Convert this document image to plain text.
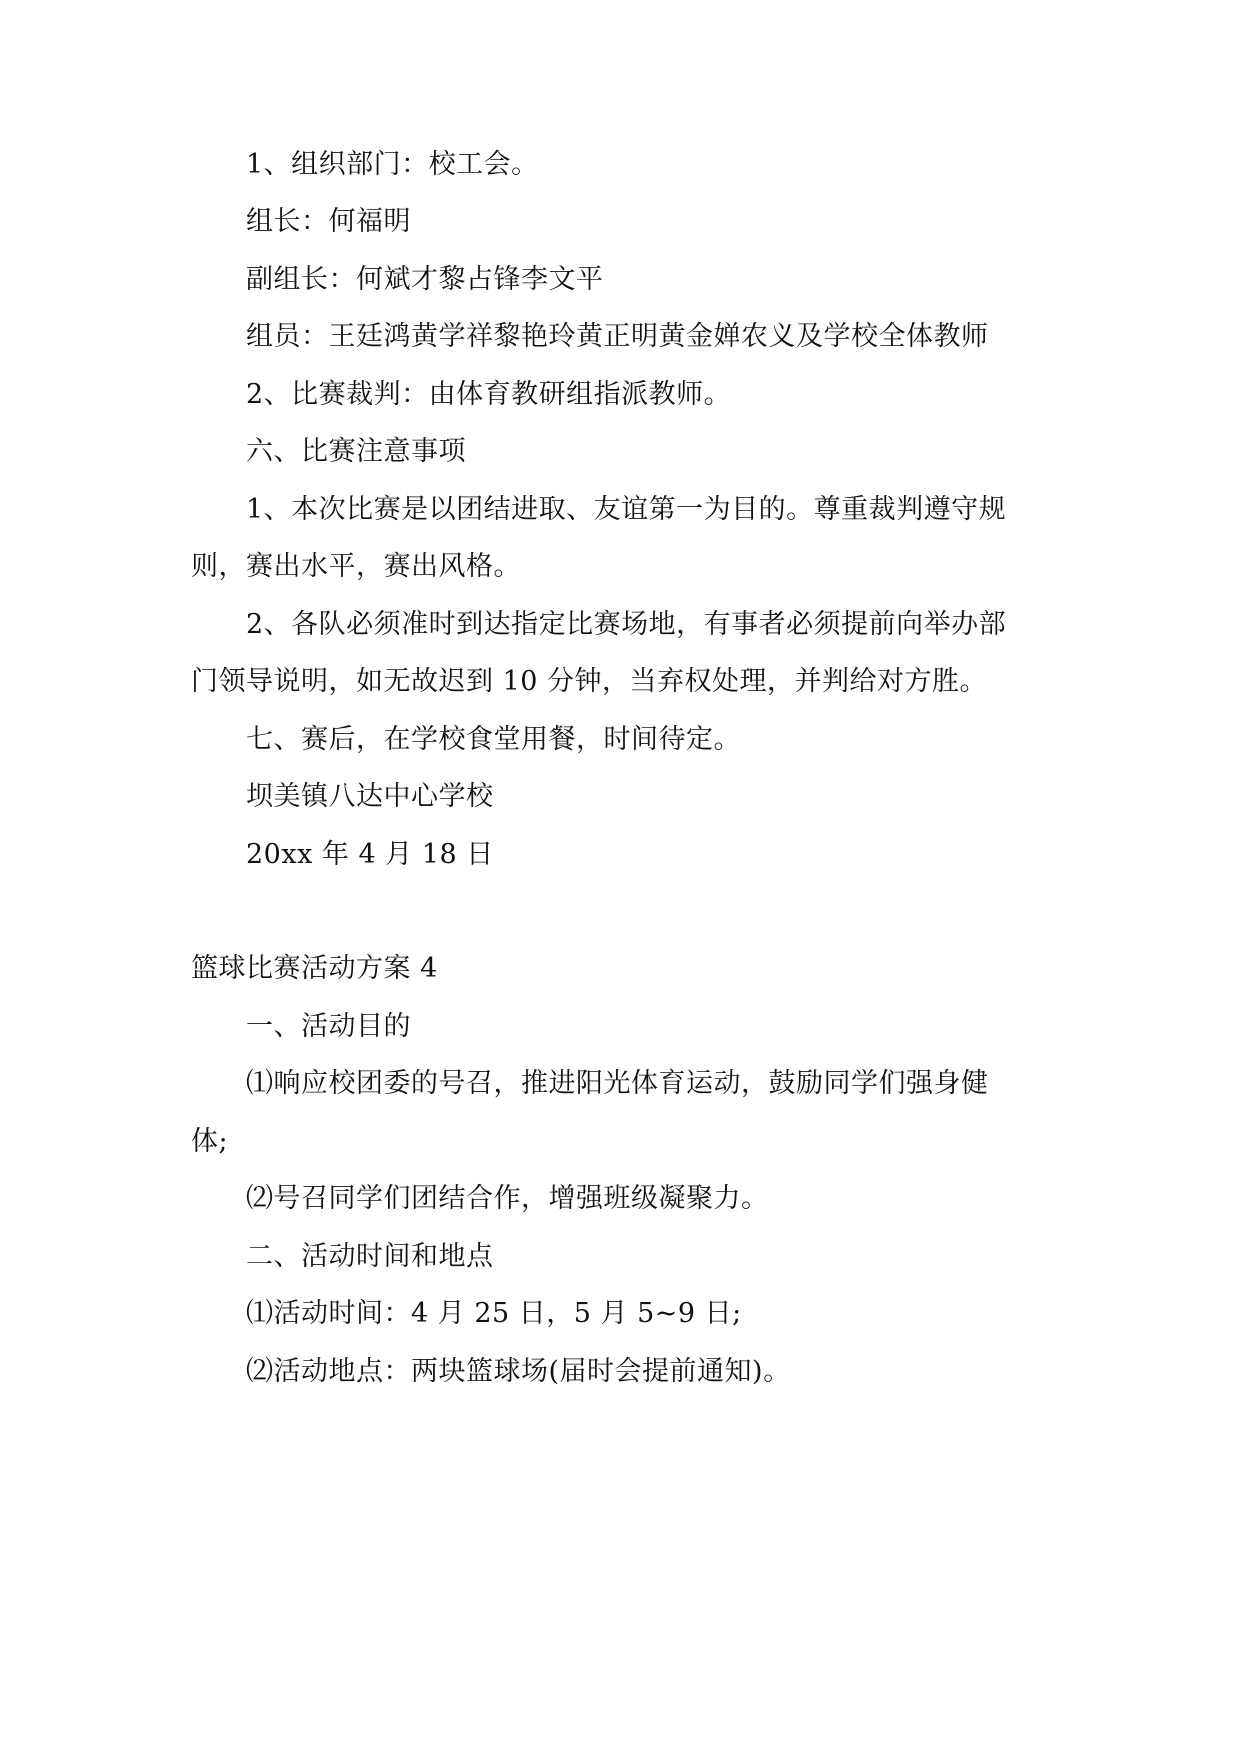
1、组织部门：校工会。
组长：何福明
副组长：何斌才黎占锋李文平
组员：王廷鸿黄学祥黎艳玲黄正明黄金婵农义及学校全体教师
2、比赛裁判：由体育教研组指派教师。
六、比赛注意事项
1、本次比赛是以团结进取、友谊第一为目的。尊重裁判遵守规
则，赛出水平，赛出风格。
2、各队必须准时到达指定比赛场地，有事者必须提前向举办部
门领导说明，如无故迟到 10 分钟，当弃权处理，并判给对方胜。
七、赛后，在学校食堂用餐，时间待定。
坝美镇八达中心学校
20xx 年 4 月 18 日
篮球比赛活动方案 4
一、活动目的
⑴响应校团委的号召，推进阳光体育运动，鼓励同学们强身健
体;
⑵号召同学们团结合作，增强班级凝聚力。
二、活动时间和地点
⑴活动时间：4 月 25 日，5 月 5~9 日;
⑵活动地点：两块篮球场(届时会提前通知)。
